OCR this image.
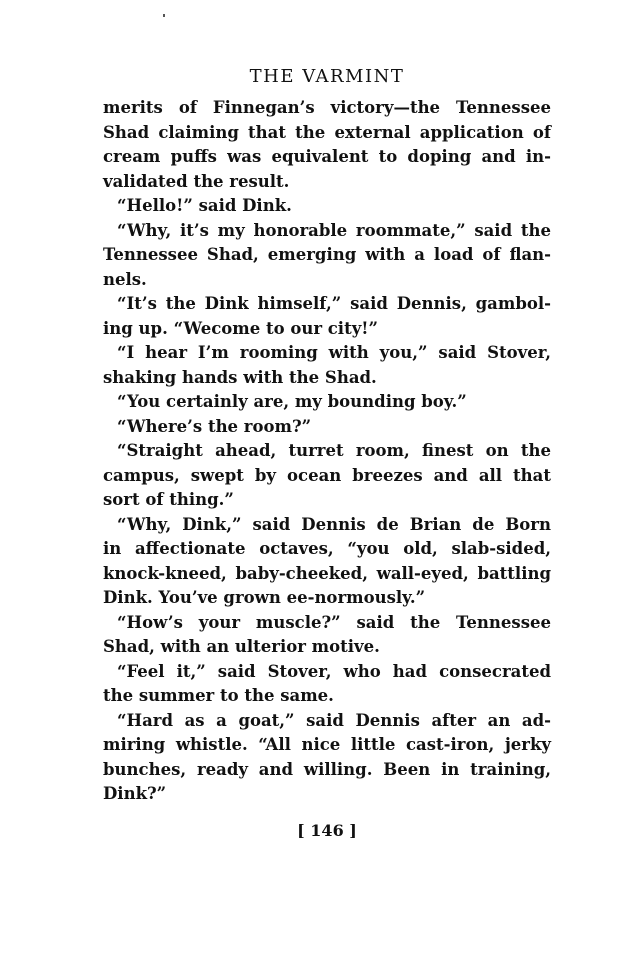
THE VARMINT
merits of Finnegan’s victory—the Tennessee
Shad claiming that the external application of
cream puffs was equivalent to doping and in-
validated the result.
“Hello!” said Dink.
“Why, it’s my honorable roommate,” said the
Tennessee Shad, emerging with a load of flan-
nels.
“It’s the Dink himself,” said Dennis, gambol-
ing up. “Wecome to our city!”
“I hear I’m rooming with you,” said Stover,
shaking hands with the Shad.
“You certainly are, my bounding boy.”
“Where’s the room?”
“Straight ahead, turret room, finest on the
campus, swept by ocean breezes and all that
sort of thing.”
“Why, Dink,” said Dennis de Brian de Born
in affectionate octaves, “you old, slab-sided,
knock-kneed, baby-cheeked, wall-eyed, battling
Dink. You’ve grown ee-normously.”
“How’s your muscle?” said the Tennessee
Shad, with an ulterior motive.
“Feel it,” said Stover, who had consecrated
the summer to the same.
“Hard as a goat,” said Dennis after an ad-
miring whistle. “All nice little cast-iron, jerky
bunches, ready and willing. Been in training,
Dink?”
[ 146 ]
